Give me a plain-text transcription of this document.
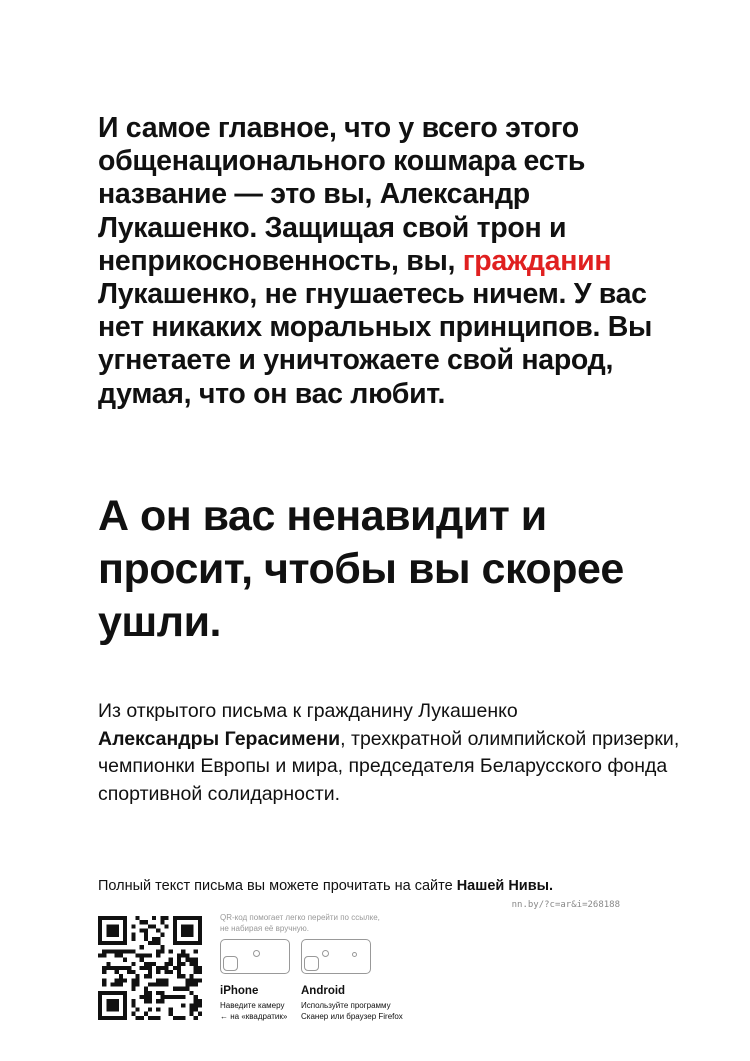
И самое главное, что у всего этого общенационального кошмара есть название — это вы, Александр Лукашенко. Защищая свой трон и неприкосновенность, вы, гражданин Лукашенко, не гнушаетесь ничем. У вас нет никаких моральных принципов. Вы угнетаете и уничтожаете свой народ, думая, что он вас любит.
А он вас ненавидит и просит, чтобы вы скорее ушли.
Из открытого письма к гражданину Лукашенко
Александры Герасимени, трехкратной олимпийской призерки, чемпионки Европы и мира, председателя Беларусского фонда спортивной солидарности.
Полный текст письма вы можете прочитать на сайте Нашей Нивы.
nn.by/?c=ar&i=268188
QR-код помогает легко перейти по ссылке,
не набирая её вручную.
iPhone	Android
Наведите камеру
← на «квадратик»
Используйте программу
Сканер или браузер Firefox
